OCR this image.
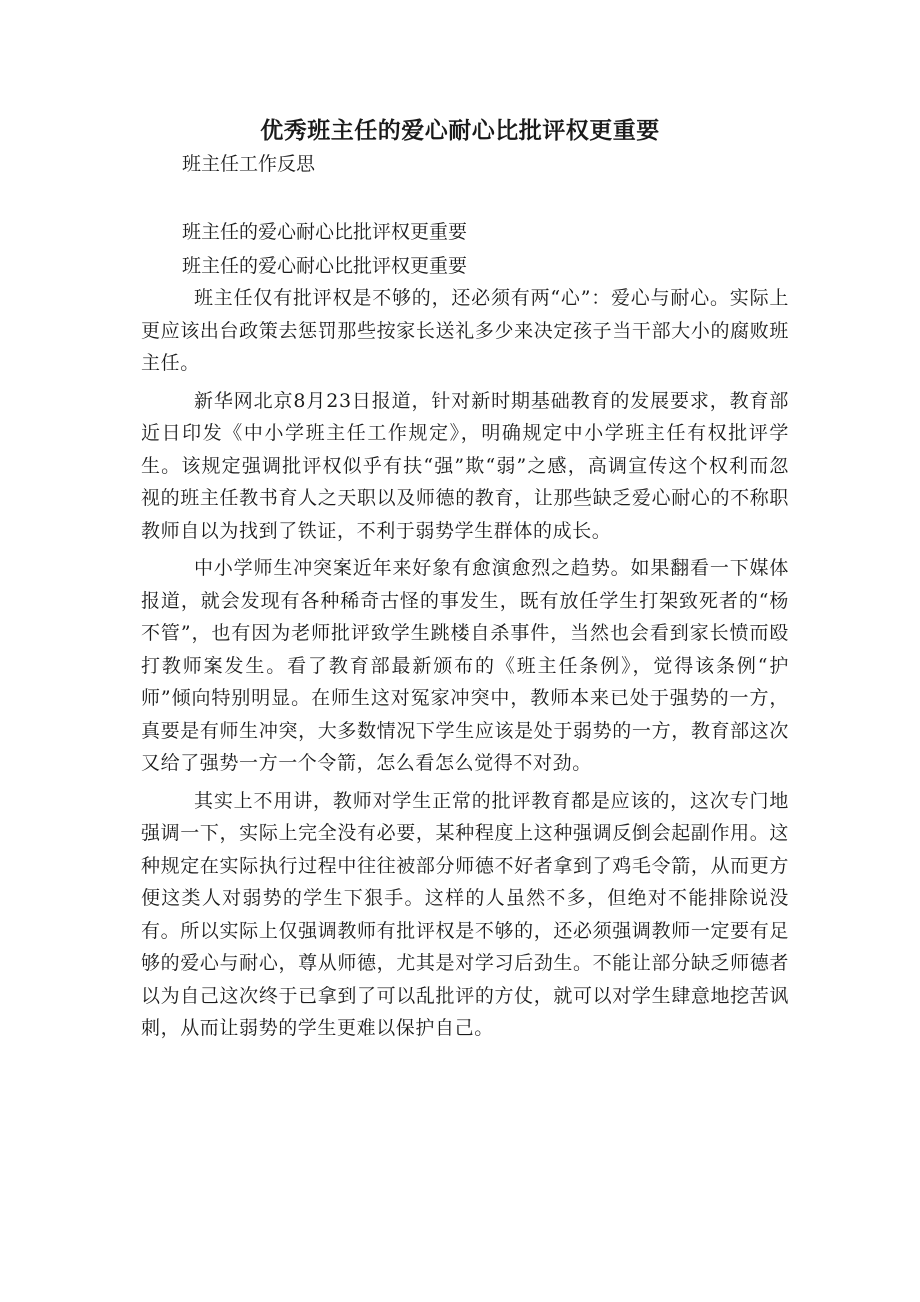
优秀班主任的爱心耐心比批评权更重要

班主任工作反思

班主任的爱心耐心比批评权更重要

班主任的爱心耐心比批评权更重要

班主任仅有批评权是不够的，还必须有两“心”：爱心与耐心。实际上更应该出台政策去惩罚那些按家长送礼多少来决定孩子当干部大小的腐败班主任。

新华网北京8月23日报道，针对新时期基础教育的发展要求，教育部近日印发《中小学班主任工作规定》，明确规定中小学班主任有权批评学生。该规定强调批评权似乎有扶“强”欺“弱”之感，高调宣传这个权利而忽视的班主任教书育人之天职以及师德的教育，让那些缺乏爱心耐心的不称职教师自以为找到了铁证，不利于弱势学生群体的成长。

中小学师生冲突案近年来好象有愈演愈烈之趋势。如果翻看一下媒体报道，就会发现有各种稀奇古怪的事发生，既有放任学生打架致死者的“杨不管”，也有因为老师批评致学生跳楼自杀事件，当然也会看到家长愤而殴打教师案发生。看了教育部最新颁布的《班主任条例》，觉得该条例“护师”倾向特别明显。在师生这对冤家冲突中，教师本来已处于强势的一方，真要是有师生冲突，大多数情况下学生应该是处于弱势的一方，教育部这次又给了强势一方一个令箭，怎么看怎么觉得不对劲。

其实上不用讲，教师对学生正常的批评教育都是应该的，这次专门地强调一下，实际上完全没有必要，某种程度上这种强调反倒会起副作用。这种规定在实际执行过程中往往被部分师德不好者拿到了鸡毛令箭，从而更方便这类人对弱势的学生下狠手。这样的人虽然不多，但绝对不能排除说没有。所以实际上仅强调教师有批评权是不够的，还必须强调教师一定要有足够的爱心与耐心，尊从师德，尤其是对学习后劲生。不能让部分缺乏师德者以为自己这次终于已拿到了可以乱批评的方仗，就可以对学生肆意地挖苦讽刺，从而让弱势的学生更难以保护自己。
